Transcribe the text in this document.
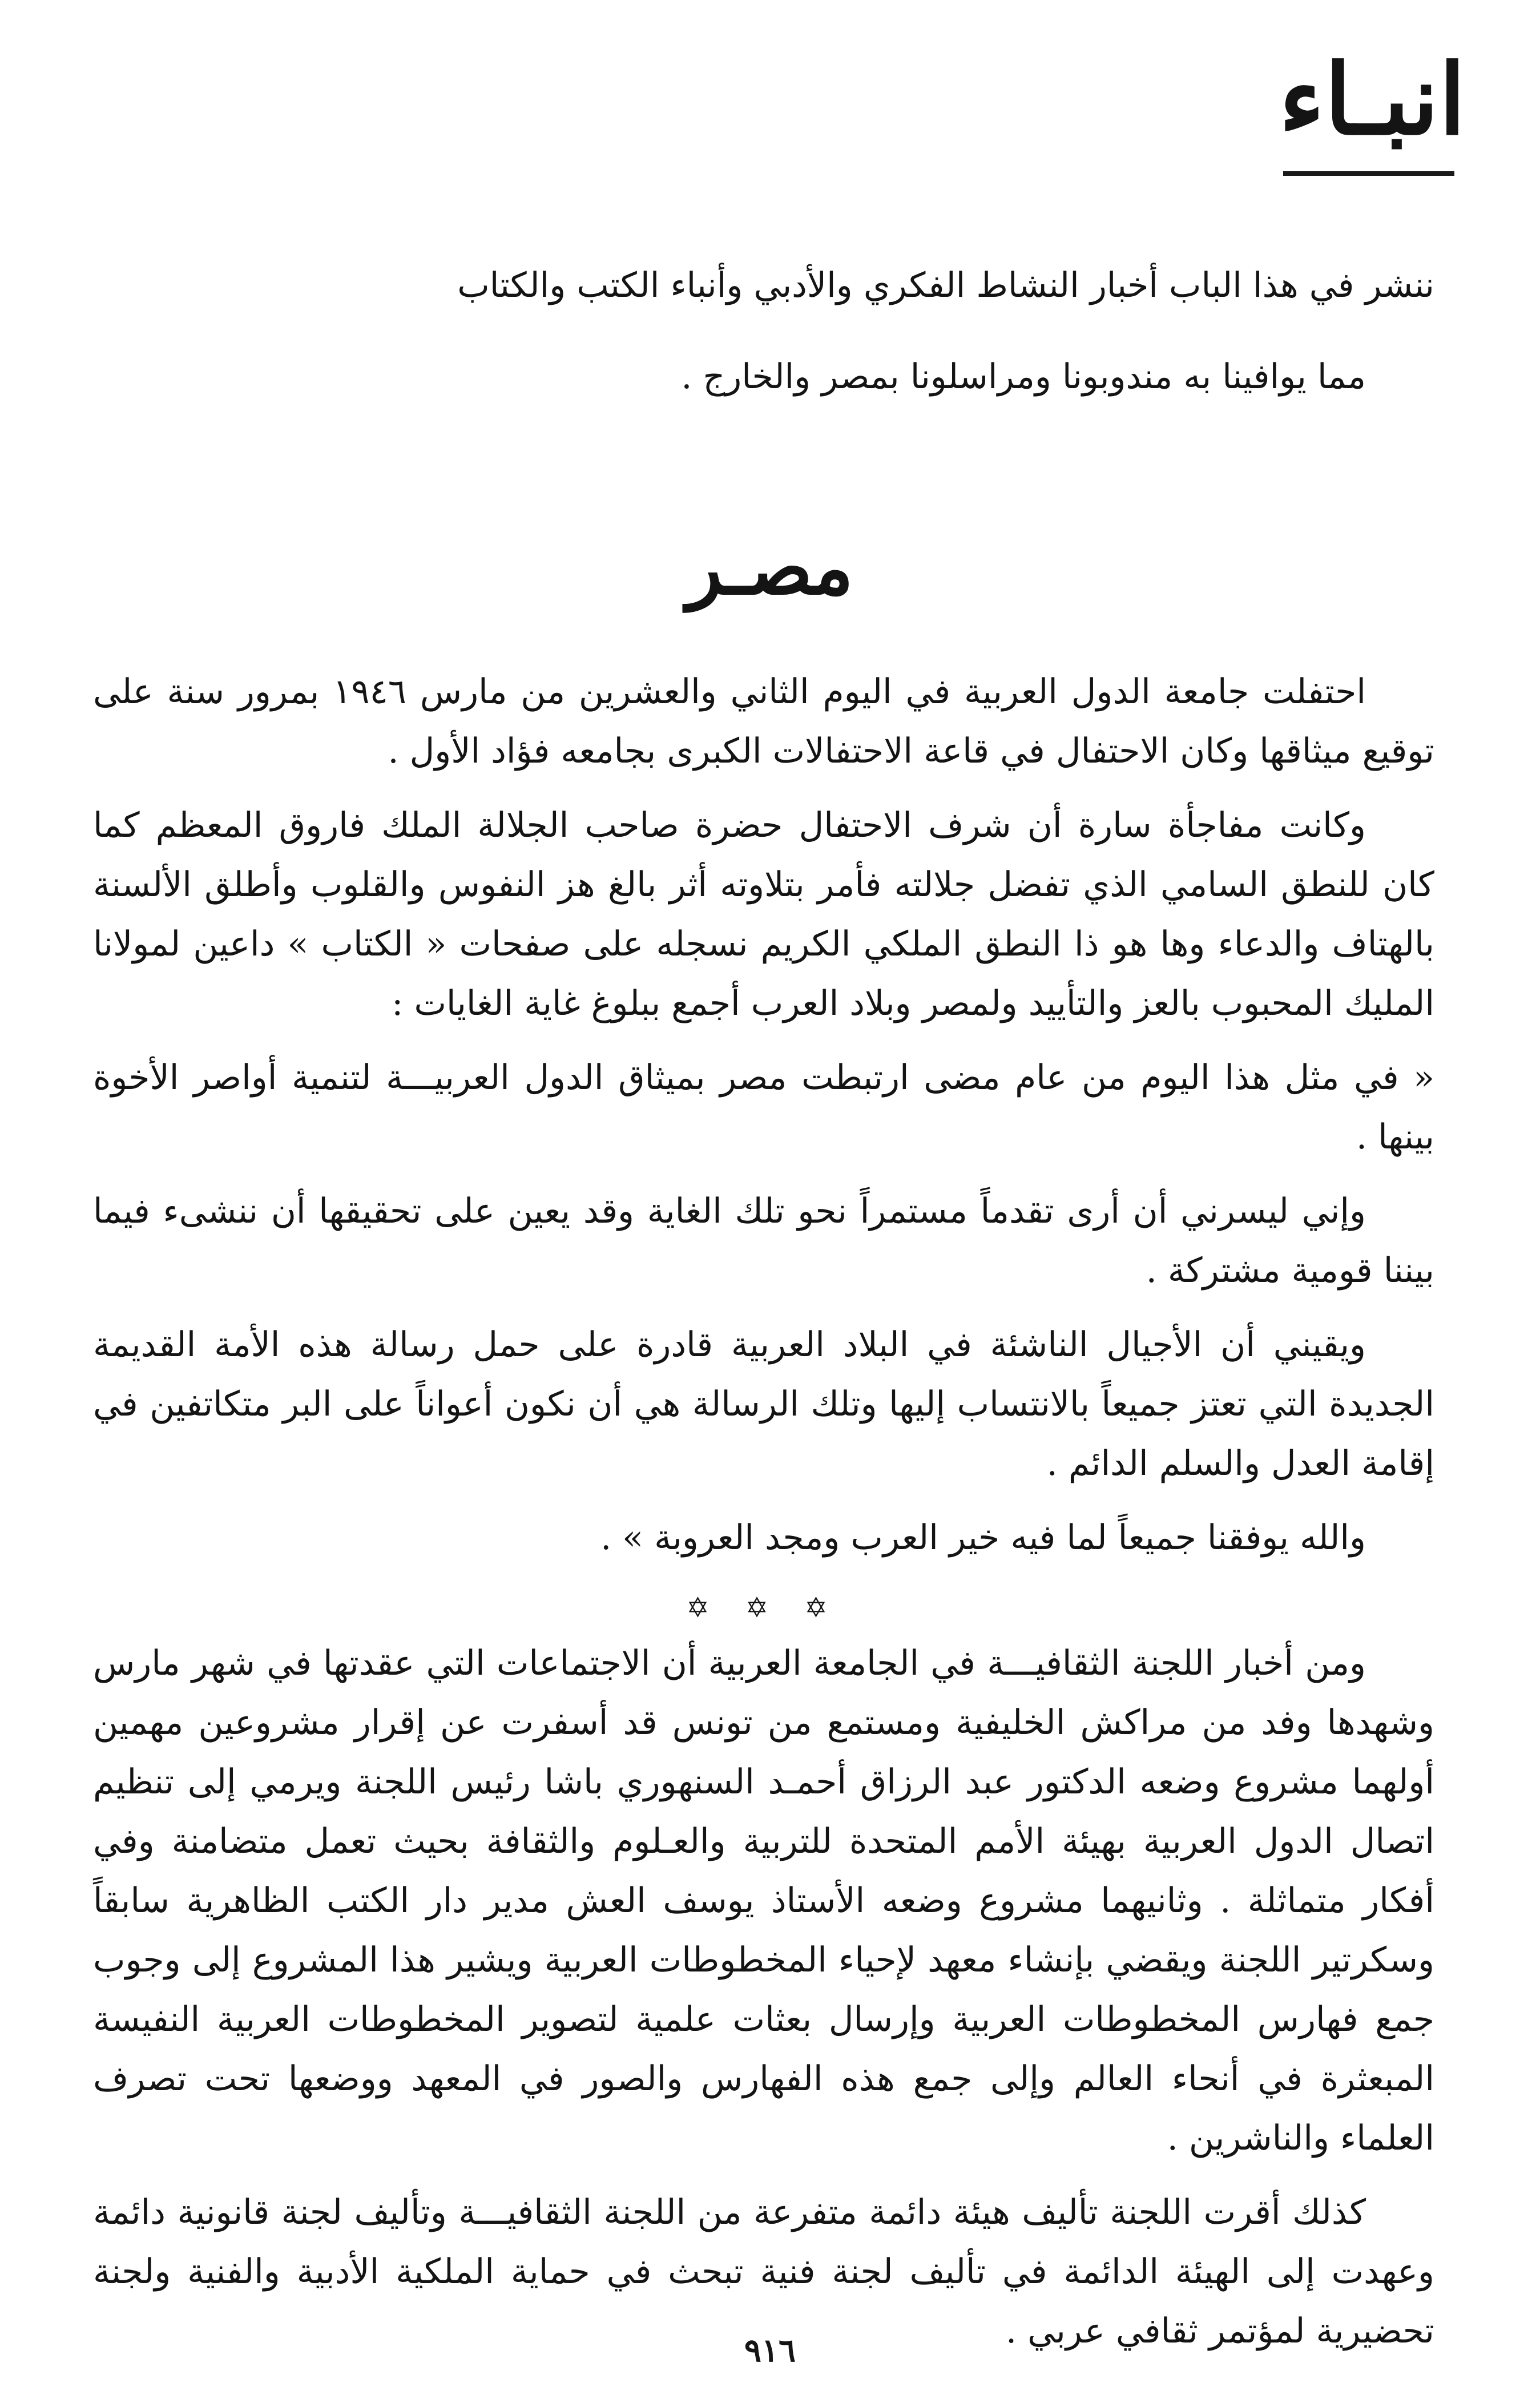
انبـاء

ننشر في هذا الباب أخبار النشاط الفكري والأدبي وأنباء الكتب والكتاب

مما يوافينا به مندوبونا ومراسلونا بمصر والخارج .

مصـر

احتفلت جامعة الدول العربية في اليوم الثاني والعشرين من مارس ١٩٤٦ بمرور سنة على توقيع ميثاقها وكان الاحتفال في قاعة الاحتفالات الكبرى بجامعه فؤاد الأول .

وكانت مفاجأة سارة أن شرف الاحتفال حضرة صاحب الجلالة الملك فاروق المعظم كما كان للنطق السامي الذي تفضل جلالته فأمر بتلاوته أثر بالغ هز النفوس والقلوب وأطلق الألسنة بالهتاف والدعاء وها هو ذا النطق الملكي الكريم نسجله على صفحات « الكتاب » داعين لمولانا المليك المحبوب بالعز والتأييد ولمصر وبلاد العرب أجمع ببلوغ غاية الغايات :

« في مثل هذا اليوم من عام مضى ارتبطت مصر بميثاق الدول العربيـــة لتنمية أواصر الأخوة بينها .

وإني ليسرني أن أرى تقدماً مستمراً نحو تلك الغاية وقد يعين على تحقيقها أن ننشىء فيما بيننا قومية مشتركة .

ويقيني أن الأجيال الناشئة في البلاد العربية قادرة على حمل رسالة هذه الأمة القديمة الجديدة التي تعتز جميعاً بالانتساب إليها وتلك الرسالة هي أن نكون أعواناً على البر متكاتفين في إقامة العدل والسلم الدائم .

والله يوفقنا جميعاً لما فيه خير العرب ومجد العروبة » .

✡ ✡ ✡

ومن أخبار اللجنة الثقافيـــة في الجامعة العربية أن الاجتماعات التي عقدتها في شهر مارس وشهدها وفد من مراكش الخليفية ومستمع من تونس قد أسفرت عن إقرار مشروعين مهمين أولهما مشروع وضعه الدكتور عبد الرزاق أحمـد السنهوري باشا رئيس اللجنة ويرمي إلى تنظيم اتصال الدول العربية بهيئة الأمم المتحدة للتربية والعـلوم والثقافة بحيث تعمل متضامنة وفي أفكار متماثلة . وثانيهما مشروع وضعه الأستاذ يوسف العش مدير دار الكتب الظاهرية سابقاً وسكرتير اللجنة ويقضي بإنشاء معهد لإحياء المخطوطات العربية ويشير هذا المشروع إلى وجوب جمع فهارس المخطوطات العربية وإرسال بعثات علمية لتصوير المخطوطات العربية النفيسة المبعثرة في أنحاء العالم وإلى جمع هذه الفهارس والصور في المعهد ووضعها تحت تصرف العلماء والناشرين .

كذلك أقرت اللجنة تأليف هيئة دائمة متفرعة من اللجنة الثقافيـــة وتأليف لجنة قانونية دائمة وعهدت إلى الهيئة الدائمة في تأليف لجنة فنية تبحث في حماية الملكية الأدبية والفنية ولجنة تحضيرية لمؤتمر ثقافي عربي .

٩١٦
